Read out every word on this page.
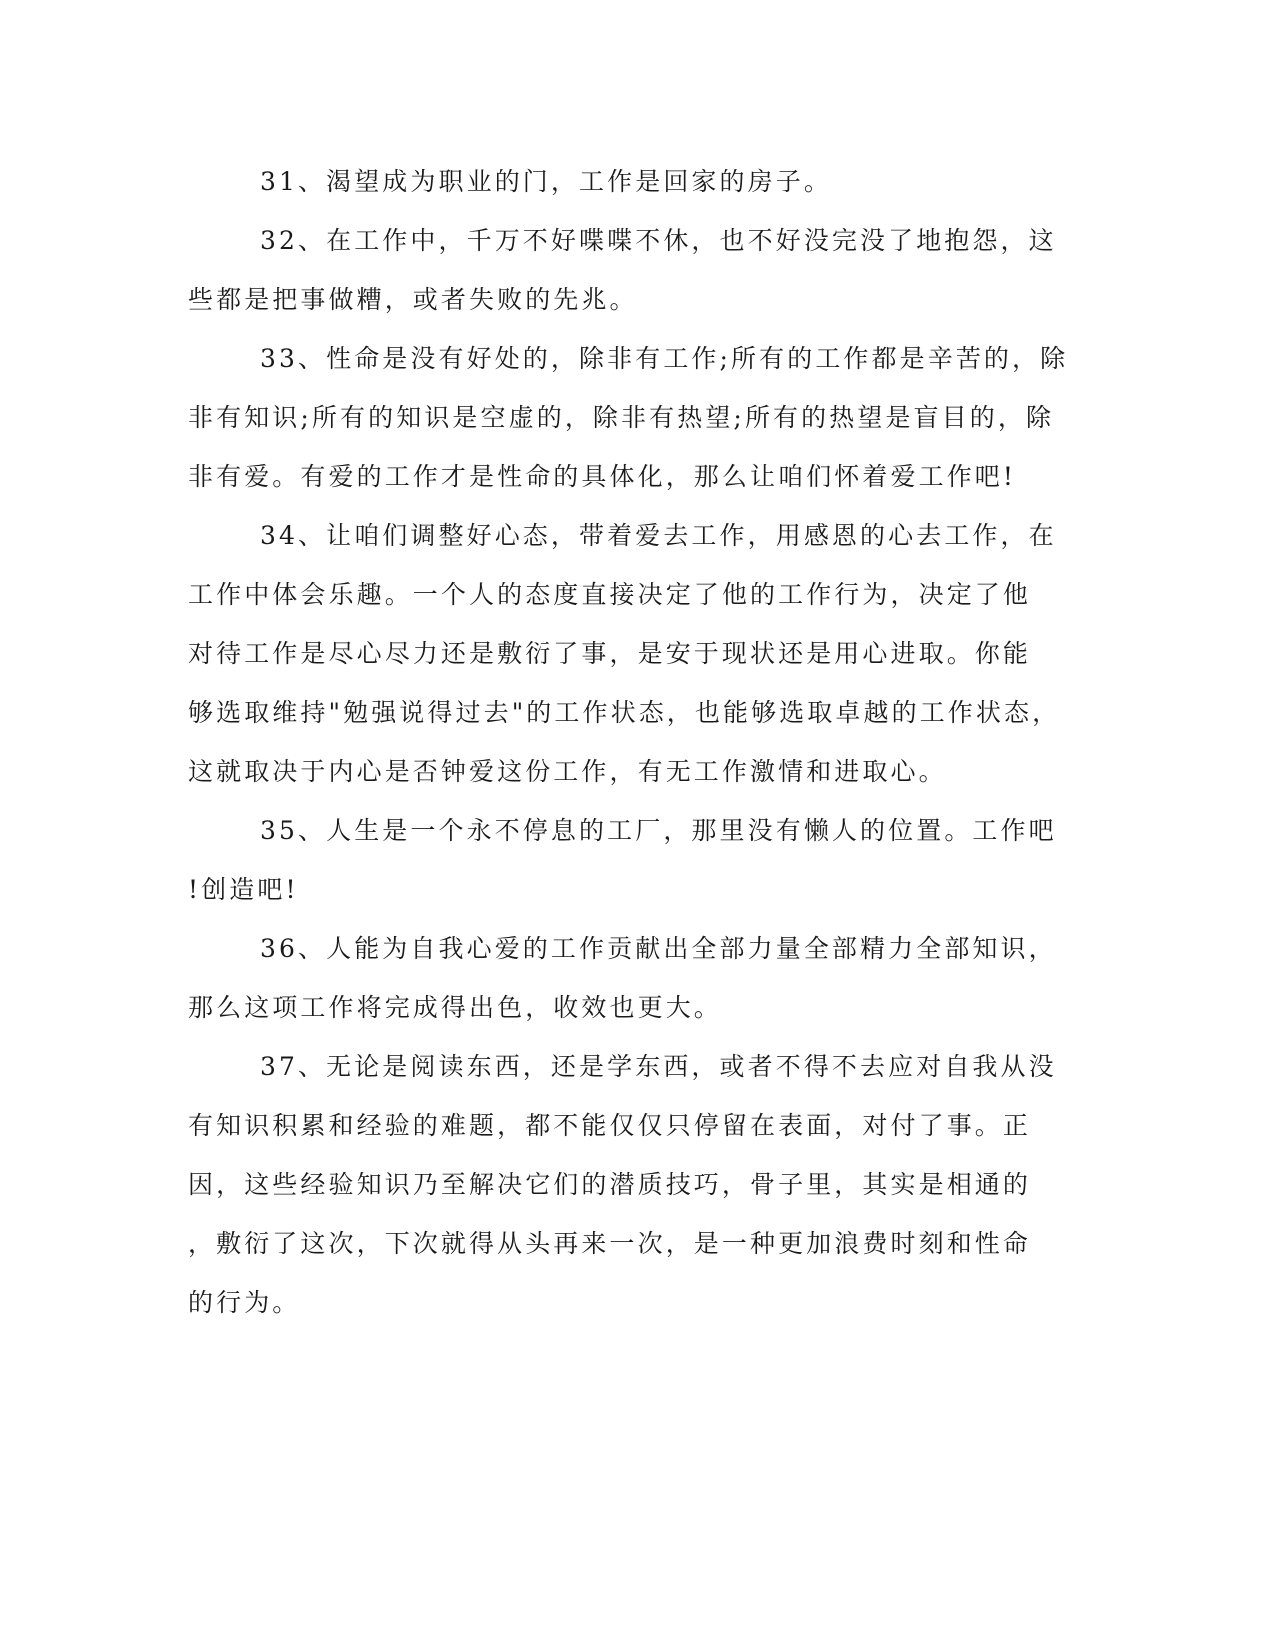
31、渴望成为职业的门，工作是回家的房子。
32、在工作中，千万不好喋喋不休，也不好没完没了地抱怨，这
些都是把事做糟，或者失败的先兆。
33、性命是没有好处的，除非有工作;所有的工作都是辛苦的，除
非有知识;所有的知识是空虚的，除非有热望;所有的热望是盲目的，除
非有爱。有爱的工作才是性命的具体化，那么让咱们怀着爱工作吧!
34、让咱们调整好心态，带着爱去工作，用感恩的心去工作，在
工作中体会乐趣。一个人的态度直接决定了他的工作行为，决定了他
对待工作是尽心尽力还是敷衍了事，是安于现状还是用心进取。你能
够选取维持"勉强说得过去"的工作状态，也能够选取卓越的工作状态，
这就取决于内心是否钟爱这份工作，有无工作激情和进取心。
35、人生是一个永不停息的工厂，那里没有懒人的位置。工作吧
!创造吧!
36、人能为自我心爱的工作贡献出全部力量全部精力全部知识，
那么这项工作将完成得出色，收效也更大。
37、无论是阅读东西，还是学东西，或者不得不去应对自我从没
有知识积累和经验的难题，都不能仅仅只停留在表面，对付了事。正
因，这些经验知识乃至解决它们的潜质技巧，骨子里，其实是相通的
，敷衍了这次，下次就得从头再来一次，是一种更加浪费时刻和性命
的行为。
